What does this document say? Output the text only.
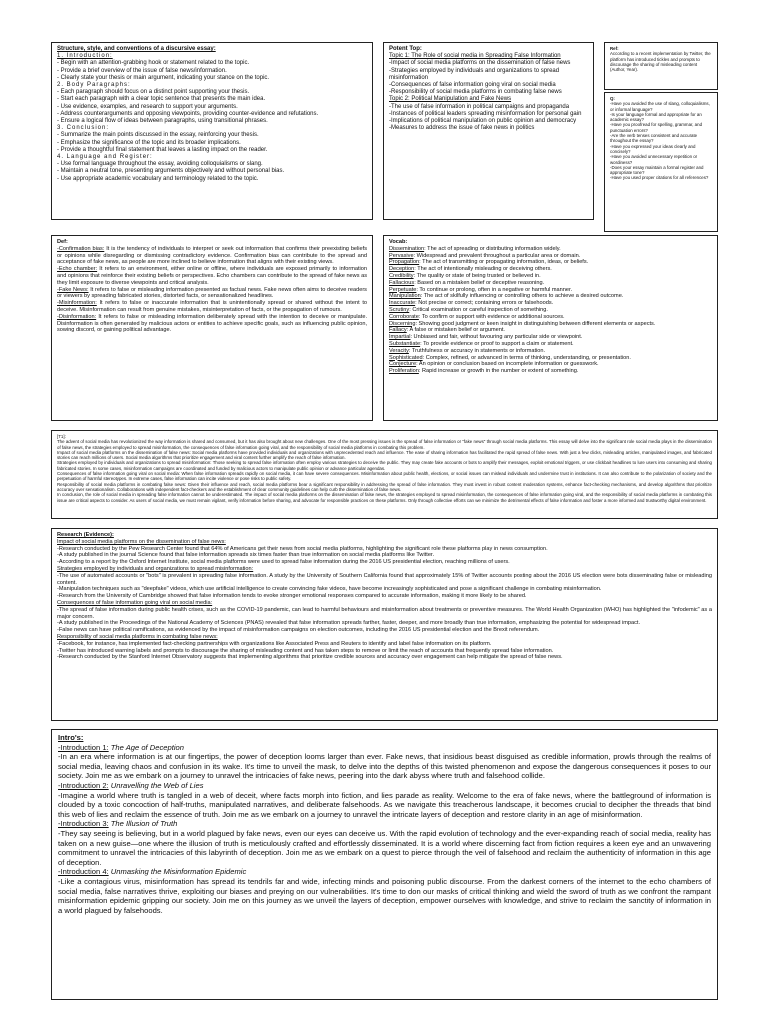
Structure, style, and conventions of a discursive essay:
1. Introduction:
- Begin with an attention-grabbing hook or statement related to the topic.
- Provide a brief overview of the issue of false news/information.
- Clearly state your thesis or main argument, indicating your stance on the topic.
2. Body Paragraphs:
- Each paragraph should focus on a distinct point supporting your thesis.
- Start each paragraph with a clear topic sentence that presents the main idea.
- Use evidence, examples, and research to support your arguments.
- Address counterarguments and opposing viewpoints, providing counter-evidence and refutations.
- Ensure a logical flow of ideas between paragraphs, using transitional phrases.
3. Conclusion:
- Summarize the main points discussed in the essay, reinforcing your thesis.
- Emphasize the significance of the topic and its broader implications.
- Provide a thoughtful final statement that leaves a lasting impact on the reader.
4. Language and Register:
- Use formal language throughout the essay, avoiding colloquialisms or slang.
- Maintain a neutral tone, presenting arguments objectively and without personal bias.
- Use appropriate academic vocabulary and terminology related to the topic.
Potent Top:
Topic 1: The Role of social media in Spreading False Information
-Impact of social media platforms on the dissemination of false news
-Strategies employed by individuals and organizations to spread misinformation
-Consequences of false information going viral on social media
-Responsibility of social media platforms in combating false news
Topic 2: Political Manipulation and Fake News
-The use of false information in political campaigns and propaganda
-Instances of political leaders spreading misinformation for personal gain
-Implications of political manipulation on public opinion and democracy
-Measures to address the issue of fake news in politics
Ref:
According to a recent implementation by Twitter, the platform has introduced tickles and prompts to discourage the sharing of misleading content (Author, Year).
Q:
-Have you avoided the use of slang, colloquialisms, or informal language?
-Is your language formal and appropriate for an academic essay?
-Have you proofread for spelling, grammar, and punctuation errors?
-Are the verb tenses consistent and accurate throughout the essay?
-Have you expressed your ideas clearly and concisely?
-Have you avoided unnecessary repetition or wordiness?
-Does your essay maintain a formal register and appropriate tone?
-Have you used proper citations for all references?
Def:
-Confirmation bias: It is the tendency of individuals to interpret or seek out information that confirms their preexisting beliefs or opinions while disregarding or dismissing contradictory evidence. Confirmation bias can contribute to the spread and acceptance of fake news, as people are more inclined to believe information that aligns with their existing views.
-Echo chamber: It refers to an environment, either online or offline, where individuals are exposed primarily to information and opinions that reinforce their existing beliefs or perspectives. Echo chambers can contribute to the spread of fake news as they limit exposure to diverse viewpoints and critical analysis.
-Fake News: It refers to false or misleading information presented as factual news. Fake news often aims to deceive readers or viewers by spreading fabricated stories, distorted facts, or sensationalized headlines.
-Misinformation: It refers to false or inaccurate information that is unintentionally spread or shared without the intent to deceive. Misinformation can result from genuine mistakes, misinterpretation of facts, or the propagation of rumours.
-Disinformation: It refers to false or misleading information deliberately spread with the intention to deceive or manipulate. Disinformation is often generated by malicious actors or entities to achieve specific goals, such as influencing public opinion, sowing discord, or gaining political advantage.
Vocab:
Dissemination: The act of spreading or distributing information widely.
Pervasive: Widespread and prevalent throughout a particular area or domain.
Propagation: The act of transmitting or propagating information, ideas, or beliefs.
Deception: The act of intentionally misleading or deceiving others.
Credibility: The quality or state of being trusted or believed in.
Fallacious: Based on a mistaken belief or deceptive reasoning.
Perpetuate: To continue or prolong, often in a negative or harmful manner.
Manipulation: The act of skilfully influencing or controlling others to achieve a desired outcome.
Inaccurate: Not precise or correct; containing errors or falsehoods.
Scrutiny: Critical examination or careful inspection of something.
Corroborate: To confirm or support with evidence or additional sources.
Discerning: Showing good judgment or keen insight in distinguishing between different elements or aspects.
Fallacy: A false or mistaken belief or argument.
Impartial: Unbiased and fair, without favouring any particular side or viewpoint.
Substantiate: To provide evidence or proof to support a claim or statement.
Veracity: Truthfulness or accuracy in statements or information.
Sophisticated: Complex, refined, or advanced in terms of thinking, understanding, or presentation.
Conjecture: An opinion or conclusion based on incomplete information or guesswork.
Proliferation: Rapid increase or growth in the number or extent of something.
[T1]:
The advent of social media has revolutionized the way information is shared and consumed, but it has also brought about new challenges. One of the most pressing issues is the spread of false information or "fake news" through social media platforms. This essay will delve into the significant role social media plays in the dissemination of false news, the strategies employed to spread misinformation, the consequences of false information going viral, and the responsibility of social media platforms in combating this problem.
Impact of social media platforms on the dissemination of false news: Social media platforms have provided individuals and organizations with unprecedented reach and influence. The ease of sharing information has facilitated the rapid spread of false news. With just a few clicks, misleading articles, manipulated images, and fabricated stories can reach millions of users. Social media algorithms that prioritize engagement and viral content further amplify the reach of false information.
Strategies employed by individuals and organizations to spread misinformation: Those seeking to spread false information often employ various strategies to deceive the public. They may create fake accounts or bots to amplify their messages, exploit emotional triggers, or use clickbait headlines to lure users into consuming and sharing fabricated stories. In some cases, misinformation campaigns are coordinated and funded by malicious actors to manipulate public opinion or advance particular agendas.
Consequences of false information going viral on social media: When false information spreads rapidly on social media, it can have severe consequences. Misinformation about public health, elections, or social issues can mislead individuals and undermine trust in institutions. It can also contribute to the polarization of society and the perpetuation of harmful stereotypes. In extreme cases, false information can incite violence or pose risks to public safety.
Responsibility of social media platforms in combating false news: Given their influence and reach, social media platforms bear a significant responsibility in addressing the spread of false information. They must invest in robust content moderation systems, enhance fact-checking mechanisms, and develop algorithms that prioritize accuracy over sensationalism. Collaborations with independent fact-checkers and the establishment of clear community guidelines can help curb the dissemination of false news.
In conclusion, the role of social media in spreading false information cannot be underestimated. The impact of social media platforms on the dissemination of false news, the strategies employed to spread misinformation, the consequences of false information going viral, and the responsibility of social media platforms in combating this issue are critical aspects to consider. As users of social media, we must remain vigilant, verify information before sharing, and advocate for responsible practices on these platforms. Only through collective efforts can we minimize the detrimental effects of false information and foster a more informed and trustworthy digital environment.
Research (Evidence):
Impact of social media platforms on the dissemination of false news:
-Research conducted by the Pew Research Center found that 64% of Americans get their news from social media platforms, highlighting the significant role these platforms play in news consumption.
-A study published in the journal Science found that false information spreads six times faster than true information on social media platforms like Twitter.
-According to a report by the Oxford Internet Institute, social media platforms were used to spread false information during the 2016 US presidential election, reaching millions of users.
Strategies employed by individuals and organizations to spread misinformation:
-The use of automated accounts or "bots" is prevalent in spreading false information. A study by the University of Southern California found that approximately 15% of Twitter accounts posting about the 2016 US election were bots disseminating false or misleading content.
-Manipulation techniques such as "deepfake" videos, which use artificial intelligence to create convincing fake videos, have become increasingly sophisticated and pose a significant challenge in combating misinformation.
-Research from the University of Cambridge showed that false information tends to evoke stronger emotional responses compared to accurate information, making it more likely to be shared.
Consequences of false information going viral on social media:
-The spread of false information during public health crises, such as the COVID-19 pandemic, can lead to harmful behaviours and misinformation about treatments or preventive measures. The World Health Organization (WHO) has highlighted the "infodemic" as a major concern.
-A study published in the Proceedings of the National Academy of Sciences (PNAS) revealed that false information spreads farther, faster, deeper, and more broadly than true information, emphasizing the potential for widespread impact.
-False news can have political ramifications, as evidenced by the impact of misinformation campaigns on election outcomes, including the 2016 US presidential election and the Brexit referendum.
Responsibility of social media platforms in combating false news:
-Facebook, for instance, has implemented fact-checking partnerships with organizations like Associated Press and Reuters to identify and label false information on its platform.
-Twitter has introduced warning labels and prompts to discourage the sharing of misleading content and has taken steps to remove or limit the reach of accounts that frequently spread false information.
-Research conducted by the Stanford Internet Observatory suggests that implementing algorithms that prioritize credible sources and accuracy over engagement can help mitigate the spread of false news.
Intro's:
-Introduction 1: The Age of Deception
-In an era where information is at our fingertips, the power of deception looms larger than ever. Fake news, that insidious beast disguised as credible information, prowls through the realms of social media, leaving chaos and confusion in its wake. It's time to unveil the mask, to delve into the depths of this twisted phenomenon and expose the dangerous consequences it poses to our society. Join me as we embark on a journey to unravel the intricacies of fake news, peering into the dark abyss where truth and falsehood collide.
-Introduction 2: Unravelling the Web of Lies
-Imagine a world where truth is tangled in a web of deceit, where facts morph into fiction, and lies parade as reality. Welcome to the era of fake news, where the battleground of information is clouded by a toxic concoction of half-truths, manipulated narratives, and deliberate falsehoods. As we navigate this treacherous landscape, it becomes crucial to decipher the threads that bind this web of lies and reclaim the essence of truth. Join me as we embark on a journey to unravel the intricate layers of deception and restore clarity in an age of misinformation.
-Introduction 3: The Illusion of Truth
-They say seeing is believing, but in a world plagued by fake news, even our eyes can deceive us. With the rapid evolution of technology and the ever-expanding reach of social media, reality has taken on a new guise—one where the illusion of truth is meticulously crafted and effortlessly disseminated. It is a world where discerning fact from fiction requires a keen eye and an unwavering commitment to unravel the intricacies of this labyrinth of deception. Join me as we embark on a quest to pierce through the veil of falsehood and reclaim the authenticity of information in this age of deception.
-Introduction 4: Unmasking the Misinformation Epidemic
-Like a contagious virus, misinformation has spread its tendrils far and wide, infecting minds and poisoning public discourse. From the darkest corners of the internet to the echo chambers of social media, false narratives thrive, exploiting our biases and preying on our vulnerabilities. It's time to don our masks of critical thinking and wield the sword of truth as we confront the rampant misinformation epidemic gripping our society. Join me on this journey as we unveil the layers of deception, empower ourselves with knowledge, and strive to reclaim the sanctity of information in a world plagued by falsehoods.
